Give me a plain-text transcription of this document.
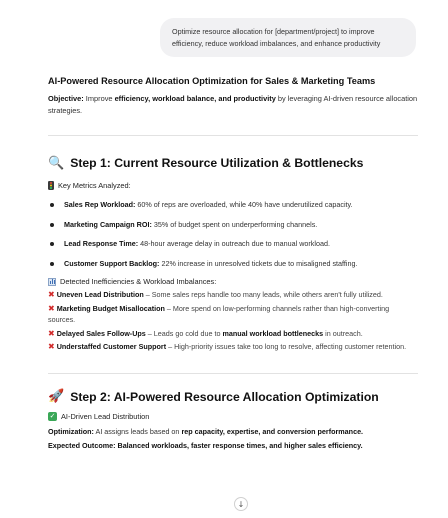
Optimize resource allocation for [department/project] to improve efficiency, reduce workload imbalances, and enhance productivity
AI-Powered Resource Allocation Optimization for Sales & Marketing Teams
Objective: Improve efficiency, workload balance, and productivity by leveraging AI-driven resource allocation strategies.
🔍 Step 1: Current Resource Utilization & Bottlenecks
Key Metrics Analyzed:
Sales Rep Workload: 60% of reps are overloaded, while 40% have underutilized capacity.
Marketing Campaign ROI: 35% of budget spent on underperforming channels.
Lead Response Time: 48-hour average delay in outreach due to manual workload.
Customer Support Backlog: 22% increase in unresolved tickets due to misaligned staffing.
Detected Inefficiencies & Workload Imbalances:
✖ Uneven Lead Distribution – Some sales reps handle too many leads, while others aren't fully utilized.
✖ Marketing Budget Misallocation – More spend on low-performing channels rather than high-converting sources.
✖ Delayed Sales Follow-Ups – Leads go cold due to manual workload bottlenecks in outreach.
✖ Understaffed Customer Support – High-priority issues take too long to resolve, affecting customer retention.
🚀 Step 2: AI-Powered Resource Allocation Optimization
✓ AI-Driven Lead Distribution
Optimization: AI assigns leads based on rep capacity, expertise, and conversion performance.
Expected Outcome: Balanced workloads, faster response times, and higher sales efficiency.
↓
